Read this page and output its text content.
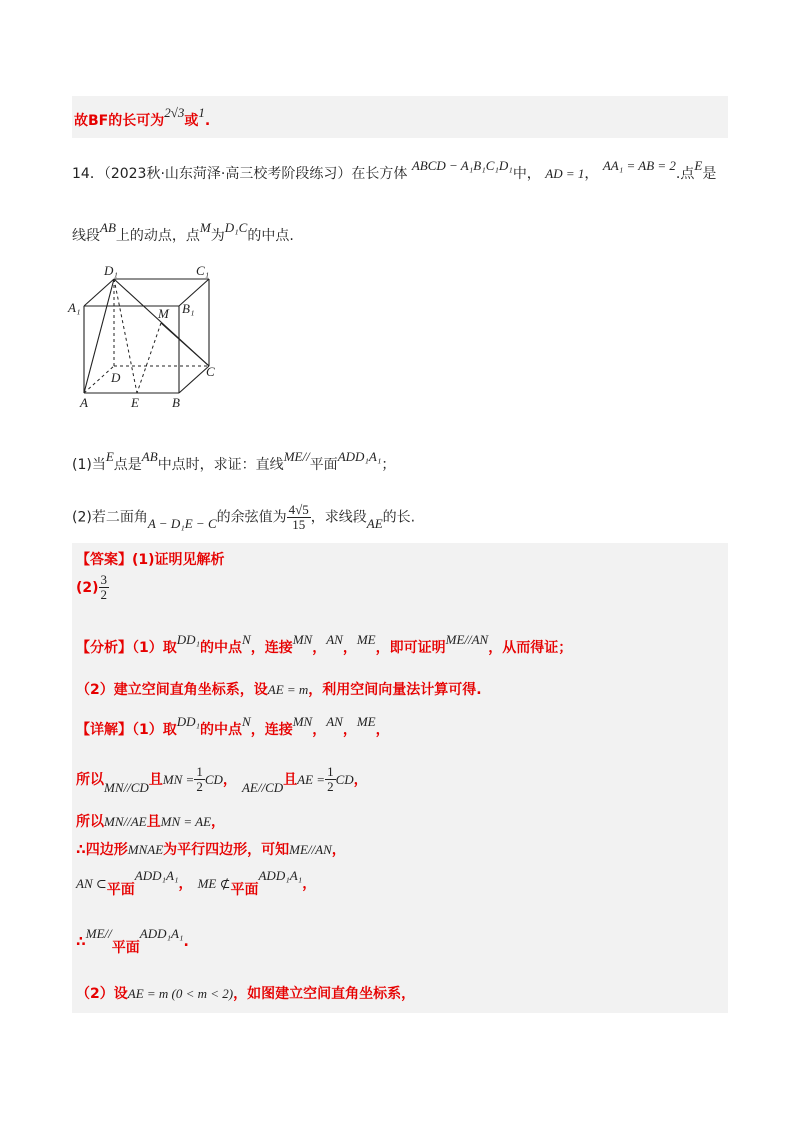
故BF的长可为$^{2√3}$或$^1$.
14．（2023秋·山东菏泽·高三校考阶段练习）在长方体 ABCD − A₁B₁C₁D₁中， AD = 1， AA₁ = AB = 2.点E是
线段AB上的动点，点M为D₁C的中点.
D₁	C₁
A₁	B₁
M
D	C
A	E	B
(1)当E点是AB中点时，求证：直线ME//平面ADD₁A₁；
(2)若二面角A − D₁E − C的余弦值为 $\frac{4√5}{15}$ ，求线段AE的长.
【答案】(1)证明见解析
$(2) \frac{3}{2}$
【分析】（1）取$^{DD_1}$的中点$^N$，连接$^{MN}$，$^{AN}$，$^{ME}$，即可证明$^{ME//AN}$，从而得证；
（2）建立空间直角坐标系，设AE = m，利用空间向量法计算可得.
【详解】（1）取$^{DD_1}$的中点$^N$，连接$^{MN}$，$^{AN}$，$^{ME}$，
所以$_{MN//CD}$且MN = $\frac{1}{2}$ CD， $_{AE//CD}$且AE = $\frac{1}{2}$ CD，
所以MN//AE且MN = AE，
∴四边形MNAE为平行四边形，可知ME//AN，
AN ⊂平面$^{ADD_1A_1}$， ME ⊄平面$^{ADD_1A_1}$，
∴$^{ME//}$平面$^{ADD_1A_1}$.
（2）设AE = m (0 < m < 2)，如图建立空间直角坐标系，
